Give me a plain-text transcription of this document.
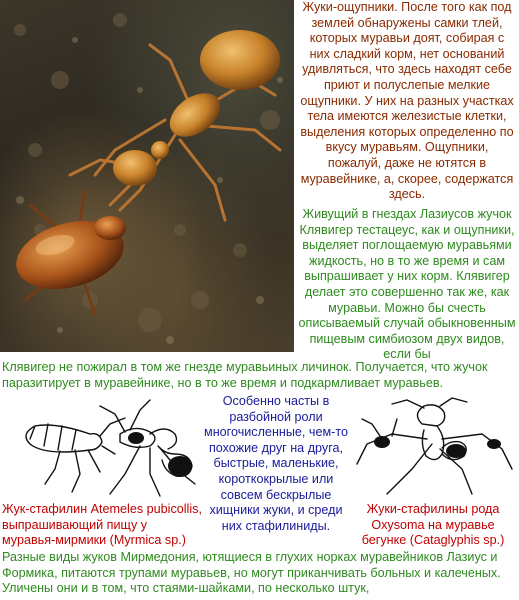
Жуки-ощупники. После того как под землей обнаружены самки тлей, которых муравьи доят, собирая с них сладкий корм, нет оснований удивляться, что здесь находят себе приют и полуслепые мелкие ощупники. У них на разных участках тела имеются железистые клетки, выделения которых определенно по вкусу муравьям. Ощупники, пожалуй, даже не ютятся в муравейнике, а, скорее, содержатся здесь.

Живущий в гнездах Лазиусов жучок Клявигер тестацеус, как и ощупники, выделяет поглощаемую муравьями жидкость, но в то же время и сам выпрашивает у них корм. Клявигер делает это совершенно так же, как муравьи. Можно бы счесть описываемый случай обыкновенным пищевым симбиозом двух видов, если бы

Клявигер не пожирал в том же гнезде муравьиных личинок. Получается, что жучок

паразитирует в муравейнике, но в то же время и подкармливает муравьев.

Особенно часты в разбойной роли многочисленные, чем-то похожие друг на друга, быстрые, маленькие, короткокрылые или совсем бескрылые хищники жуки, и среди них стафилиниды.

Жук-стафилин Atemeles pubicollis, выпрашивающий пищу у муравья-мирмики (Myrmica sp.)

Жуки-стафилины рода Oxysoma на муравье бегунке (Cataglyphis sp.)

Разные виды жуков Мирмедония, ютящиеся в глухих норках муравейников Лазиус и Формика, питаются трупами муравьев, но могут приканчивать больных и калеченых. Уличены они и в том, что стаями-шайками, по несколько штук,
